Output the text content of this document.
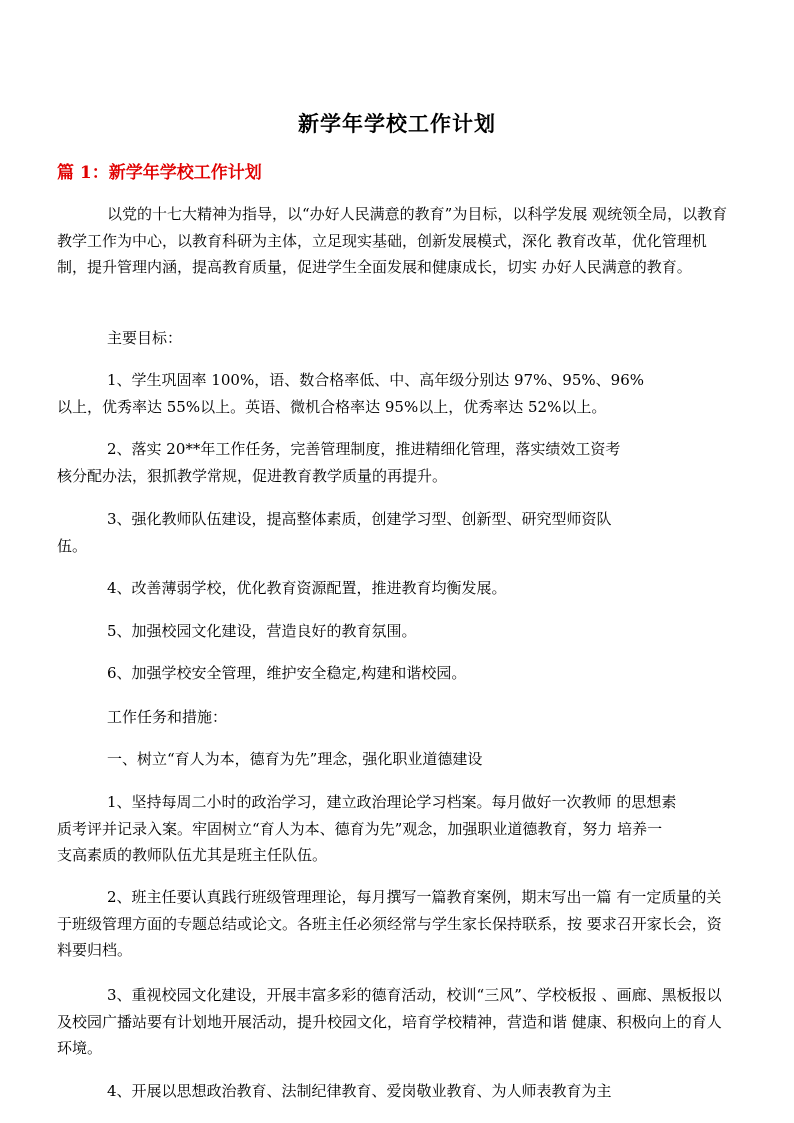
新学年学校工作计划
篇 1：新学年学校工作计划
以党的十七大精神为指导，以“办好人民满意的教育”为目标，以科学发展 观统领全局，以教育教学工作为中心，以教育科研为主体，立足现实基础，创新发展模式，深化 教育改革，优化管理机制，提升管理内涵，提高教育质量，促进学生全面发展和健康成长，切实 办好人民满意的教育。
主要目标：
1、学生巩固率 100%，语、数合格率低、中、高年级分别达 97%、95%、96%
以上，优秀率达 55%以上。英语、微机合格率达 95%以上，优秀率达 52%以上。
2、落实 20**年工作任务，完善管理制度，推进精细化管理，落实绩效工资考
核分配办法，狠抓教学常规，促进教育教学质量的再提升。
3、强化教师队伍建设，提高整体素质，创建学习型、创新型、研究型师资队
伍。
4、改善薄弱学校，优化教育资源配置，推进教育均衡发展。
5、加强校园文化建设，营造良好的教育氛围。
6、加强学校安全管理，维护安全稳定,构建和谐校园。
工作任务和措施：
一、树立“育人为本，德育为先”理念，强化职业道德建设
1、坚持每周二小时的政治学习，建立政治理论学习档案。每月做好一次教师 的思想素
质考评并记录入案。牢固树立“育人为本、德育为先”观念，加强职业道德教育，努力 培养一
支高素质的教师队伍尤其是班主任队伍。
2、班主任要认真践行班级管理理论，每月撰写一篇教育案例，期末写出一篇 有一定质量的关于班级管理方面的专题总结或论文。各班主任必须经常与学生家长保持联系，按 要求召开家长会，资料要归档。
3、重视校园文化建设，开展丰富多彩的德育活动，校训“三风”、学校板报 、画廊、黑板报以及校园广播站要有计划地开展活动，提升校园文化，培育学校精神，营造和谐 健康、积极向上的育人环境。
4、开展以思想政治教育、法制纪律教育、爱岗敬业教育、为人师表教育为主
